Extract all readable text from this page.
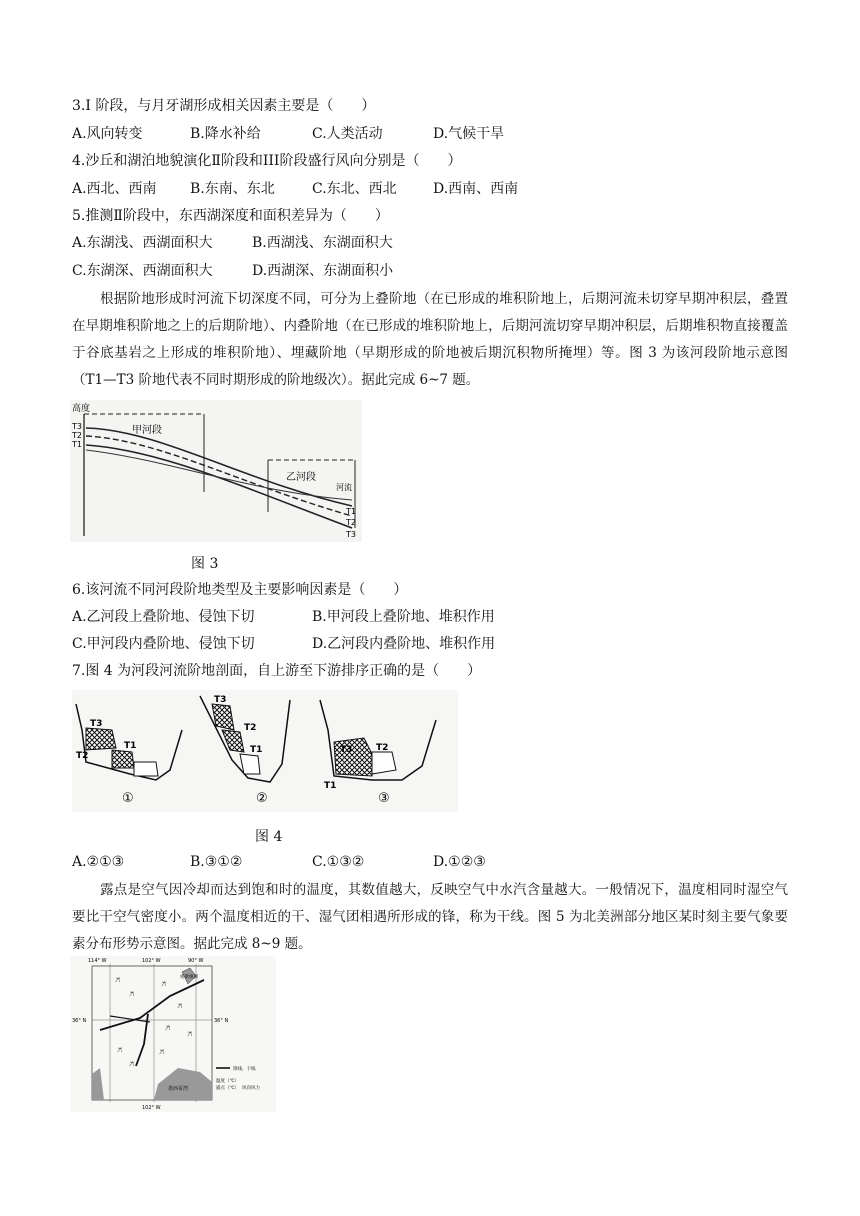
3.I 阶段，与月牙湖形成相关因素主要是（　　）
A.风向转变	B.降水补给	C.人类活动	D.气候干旱
4.沙丘和湖泊地貌演化Ⅱ阶段和III阶段盛行风向分别是（　　）
A.西北、西南 B.东南、东北	C.东北、西北	D.西南、西南
5.推测Ⅱ阶段中，东西湖深度和面积差异为（　　）
A.东湖浅、西湖面积大	B.西湖浅、东湖面积大
C.东湖深、西湖面积大	D.西湖深、东湖面积小
根据阶地形成时河流下切深度不同，可分为上叠阶地（在已形成的堆积阶地上，后期河流未切穿早期冲积层，叠置在早期堆积阶地之上的后期阶地）、内叠阶地（在已形成的堆积阶地上，后期河流切穿早期冲积层，后期堆积物直接覆盖于谷底基岩之上形成的堆积阶地）、埋藏阶地（早期形成的阶地被后期沉积物所掩埋）等。图 3 为该河段阶地示意图（T1—T3 阶地代表不同时期形成的阶地级次）。据此完成 6~7 题。
高度
甲河段
乙河段
河流
T3
T2
T1
T1
T2
T3
图 3
6.该河流不同河段阶地类型及主要影响因素是（　　）
A.乙河段上叠阶地、侵蚀下切	B.甲河段上叠阶地、堆积作用
C.甲河段内叠阶地、侵蚀下切	D.乙河段内叠阶地、堆积作用
7.图 4 为河段河流阶地剖面，自上游至下游排序正确的是（　　）
T3
T2
T1
①
T3
T2
T1
②
T3	T2
T1
③
图 4
A.②①③	B.③①②	C.①③②	D.①②③
露点是空气因冷却而达到饱和时的温度，其数值越大，反映空气中水汽含量越大。一般情况下，温度相同时湿空气要比干空气密度小。两个温度相近的干、湿气团相遇所形成的锋，称为干线。图 5 为北美洲部分地区某时刻主要气象要素分布形势示意图。据此完成 8~9 题。
ℸ̸
ℸ̸
ℸ̸
ℸ̸
ℸ̸
ℸ̸
ℸ̸
ℸ̸
ℸ̸
114° W	102° W	90° W
102° W
36° N	36° N
密歇根湖
墨西哥湾
锋线、干线
温度（℃）
露点（℃） 风向风力
